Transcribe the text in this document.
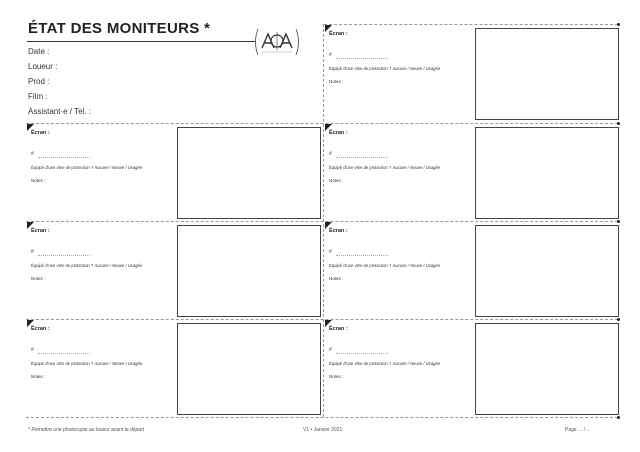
ÉTAT DES MONITEURS *
Date :
Loueur :
Prod :
Film :
Assistant·e / Tel. :
Écran :
#
Équipé d'une vitre de protection ? Aucune / Neuve / Usagée
Notes :
Écran :
#
Équipé d'une vitre de protection ? Aucune / Neuve / Usagée
Notes :
Écran :
#
Équipé d'une vitre de protection ? Aucune / Neuve / Usagée
Notes :
Écran :
#
Équipé d'une vitre de protection ? Aucune / Neuve / Usagée
Notes :
Écran :
#
Équipé d'une vitre de protection ? Aucune / Neuve / Usagée
Notes :
Écran :
#
Équipé d'une vitre de protection ? Aucune / Neuve / Usagée
Notes :
Écran :
#
Équipé d'une vitre de protection ? Aucune / Neuve / Usagée
Notes :
* Remettre une photocopie au loueur avant le départ	V1 • Janvier 2021	Page ... / ...
